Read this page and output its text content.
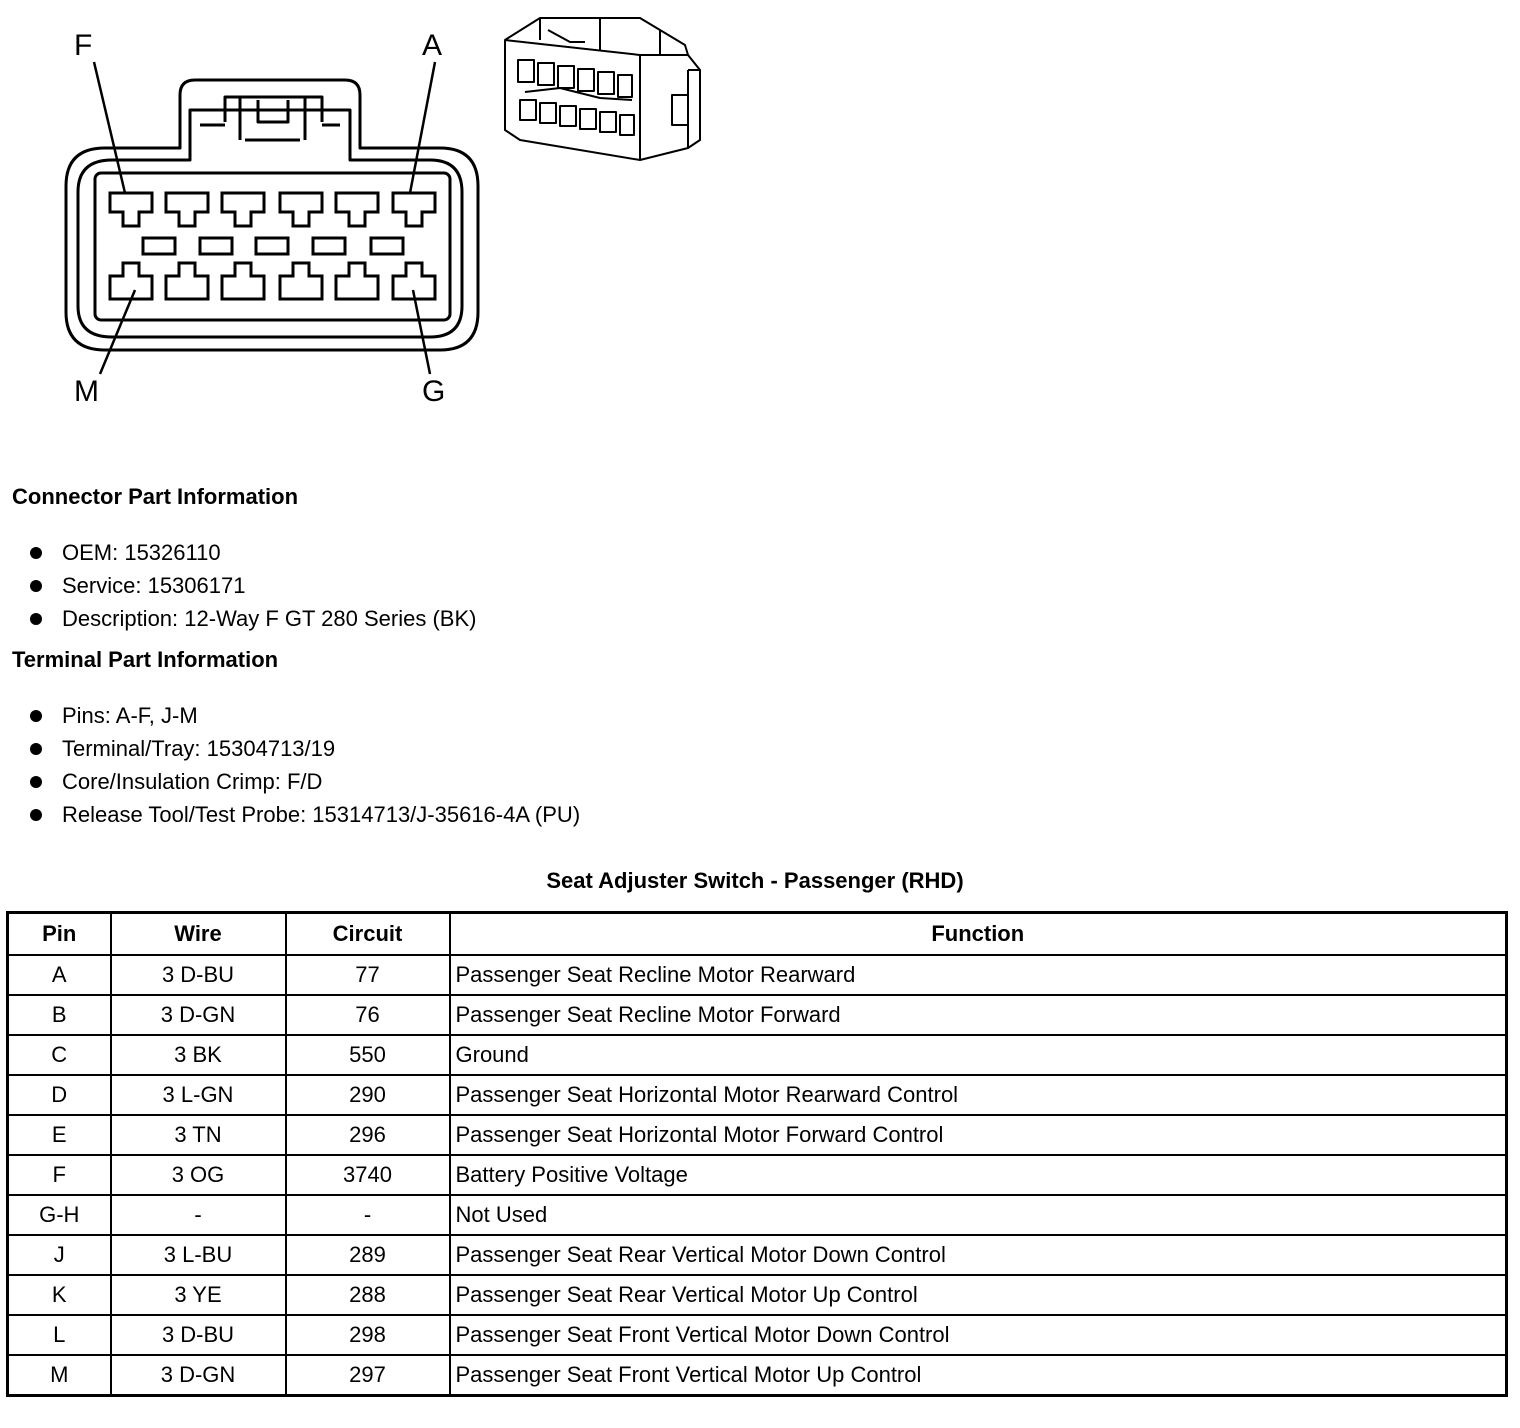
F	A
M	G
Connector Part Information
OEM: 15326110
Service: 15306171
Description: 12-Way F GT 280 Series (BK)
Terminal Part Information
Pins: A-F, J-M
Terminal/Tray: 15304713/19
Core/Insulation Crimp: F/D
Release Tool/Test Probe: 15314713/J-35616-4A (PU)
Seat Adjuster Switch - Passenger (RHD)
Pin	Wire	Circuit	Function
A	3 D-BU	77	Passenger Seat Recline Motor Rearward
B	3 D-GN	76	Passenger Seat Recline Motor Forward
C	3 BK	550	Ground
D	3 L-GN	290	Passenger Seat Horizontal Motor Rearward Control
E	3 TN	296	Passenger Seat Horizontal Motor Forward Control
F	3 OG	3740	Battery Positive Voltage
G-H	-	-	Not Used
J	3 L-BU	289	Passenger Seat Rear Vertical Motor Down Control
K	3 YE	288	Passenger Seat Rear Vertical Motor Up Control
L	3 D-BU	298	Passenger Seat Front Vertical Motor Down Control
M	3 D-GN	297	Passenger Seat Front Vertical Motor Up Control
